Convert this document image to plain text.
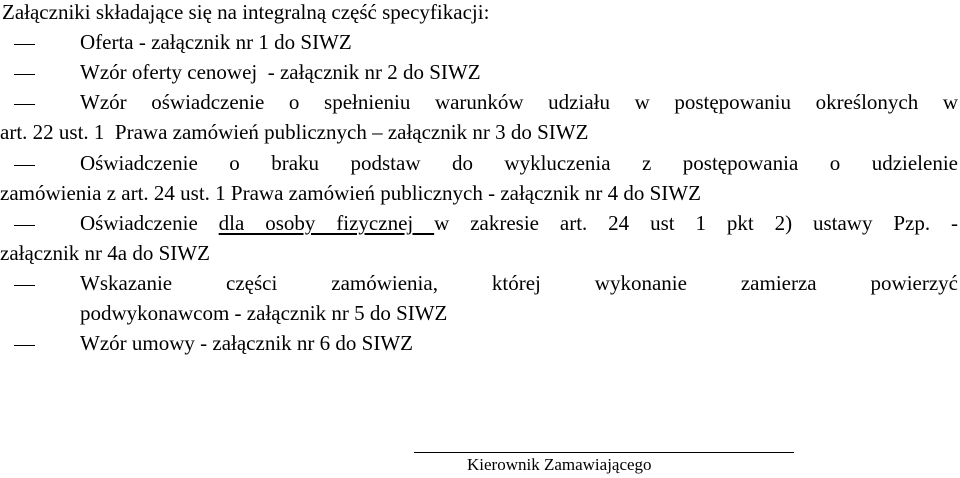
Załączniki składające się na integralną część specyfikacji:
Oferta - załącznik nr 1 do SIWZ
Wzór oferty cenowej  - załącznik nr 2 do SIWZ
Wzór oświadczenie o spełnieniu warunków udziału w postępowaniu określonych w
art. 22 ust. 1  Prawa zamówień publicznych – załącznik nr 3 do SIWZ
Oświadczenie o braku podstaw do wykluczenia z postępowania o udzielenie
zamówienia z art. 24 ust. 1 Prawa zamówień publicznych - załącznik nr 4 do SIWZ
Oświadczenie dla osoby fizycznej w zakresie art. 24 ust 1 pkt 2) ustawy Pzp. -
załącznik nr 4a do SIWZ
Wskazanie części zamówienia, której wykonanie zamierza powierzyć
podwykonawcom - załącznik nr 5 do SIWZ
Wzór umowy - załącznik nr 6 do SIWZ
Kierownik Zamawiającego
